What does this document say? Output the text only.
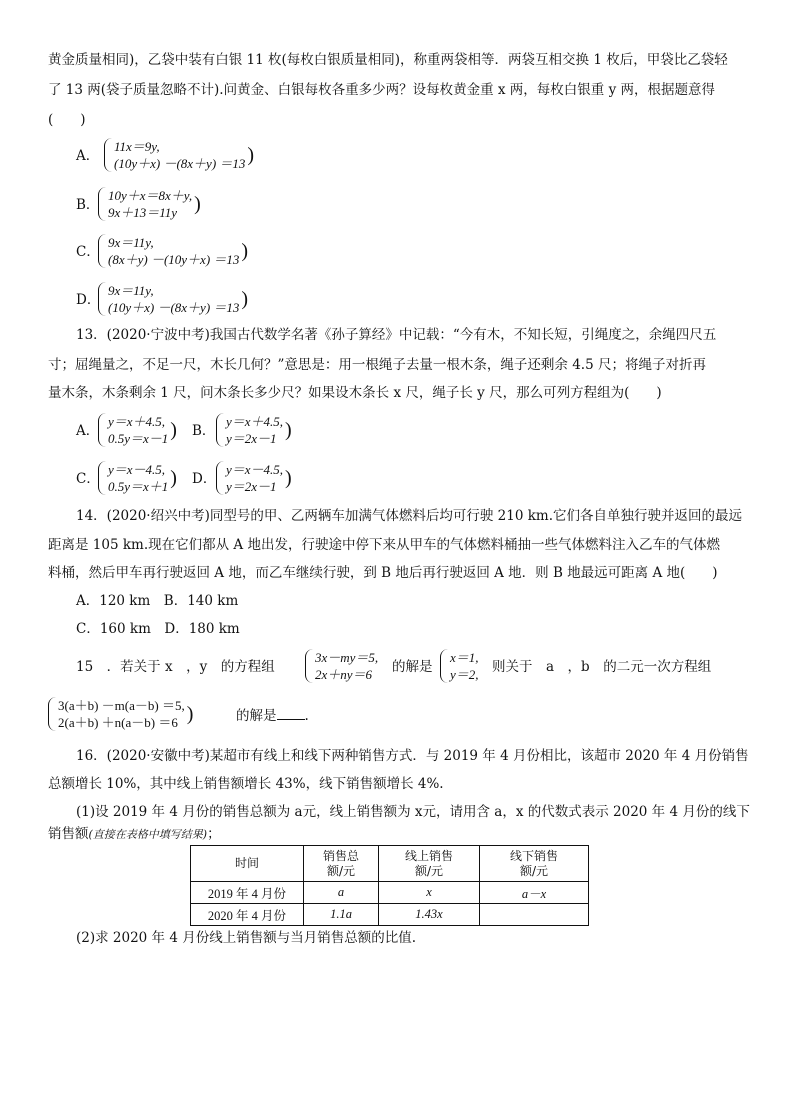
黄金质量相同)，乙袋中装有白银 11 枚(每枚白银质量相同)，称重两袋相等．两袋互相交换 1 枚后，甲袋比乙袋轻
了 13 两(袋子质量忽略不计).问黄金、白银每枚各重多少两？设每枚黄金重 x 两，每枚白银重 y 两，根据题意得
(　　)
A．
11x＝9y,
(10y＋x) －(8x＋y) ＝13 )
B．
10y＋x＝8x＋y,
9x＋13＝11y )
C．
9x＝11y,
(8x＋y) －(10y＋x) ＝13 )
D．
9x＝11y,
(10y＋x) －(8x＋y) ＝13 )
13．(2020·宁波中考)我国古代数学名著《孙子算经》中记载：“今有木，不知长短，引绳度之，余绳四尺五
寸；屈绳量之，不足一尺，木长几何？”意思是：用一根绳子去量一根木条，绳子还剩余 4.5 尺；将绳子对折再
量木条，木条剩余 1 尺，问木条长多少尺？如果设木条长 x 尺，绳子长 y 尺，那么可列方程组为(　　)
A．
y＝x＋4.5,
0.5y＝x－1 ) B．
y＝x＋4.5,
y＝2x－1 )
C．
y＝x－4.5,
0.5y＝x＋1 ) D．
y＝x－4.5,
y＝2x－1 )
14．(2020·绍兴中考)同型号的甲、乙两辆车加满气体燃料后均可行驶 210 km.它们各自单独行驶并返回的最远
距离是 105 km.现在它们都从 A 地出发，行驶途中停下来从甲车的气体燃料桶抽一些气体燃料注入乙车的气体燃
料桶，然后甲车再行驶返回 A 地，而乙车继续行驶，到 B 地后再行驶返回 A 地．则 B 地最远可距离 A 地(　　)
A．120 km　B．140 km
C．160 km　D．180 km
15　．若关于 x　，y　的方程组
3x－my＝5,
2x＋ny＝6	的解是
x＝1,
y＝2, 则关于　a　，b　的二元一次方程组
3(a＋b) －m(a－b) ＝5,
2(a＋b) ＋n(a－b) ＝6 )	的解是 .
16．(2020·安徽中考)某超市有线上和线下两种销售方式．与 2019 年 4 月份相比，该超市 2020 年 4 月份销售
总额增长 10%，其中线上销售额增长 43%，线下销售额增长 4%.
(1)设 2019 年 4 月份的销售总额为 a元，线上销售额为 x元，请用含 a，x 的代数式表示 2020 年 4 月份的线下
销售额(直接在表格中填写结果)；
时间	销售总
额/元	线上销售
额/元	线下销售
额/元
2019 年 4 月份	a	x	a－x
2020 年 4 月份	1.1a	1.43x	
(2)求 2020 年 4 月份线上销售额与当月销售总额的比值.
